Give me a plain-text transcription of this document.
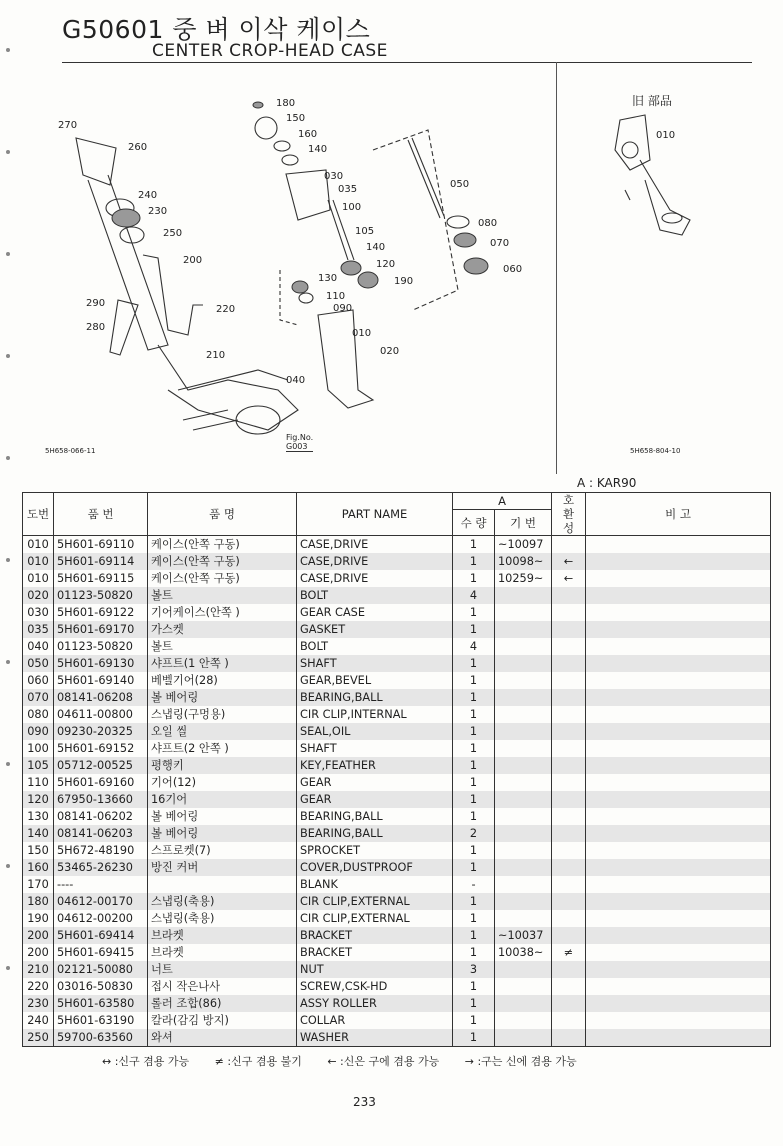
G50601 중 벼 이삭 케이스
CENTER CROP-HEAD CASE
270
260
240
230
250
200
290
280
220
210
180
150
160
140
030
035
100
105
140
120
190
130
110
090
010
020
040
050
080
070
060
Fig.No.
G003
5H658-066-11
旧 部品
010
5H658-804-10
A : KAR90
도번	품 번	품 명	PART NAME	A		호
환
성	비 고
				수 량	기 번		
010	5H601-69110	케이스(안쪽 구동)	CASE,DRIVE	1	~10097		
010	5H601-69114	케이스(안쪽 구동)	CASE,DRIVE	1	10098~	←	
010	5H601-69115	케이스(안쪽 구동)	CASE,DRIVE	1	10259~	←	
020	01123-50820	볼트	BOLT	4			
030	5H601-69122	기어케이스(안쪽 )	GEAR CASE	1			
035	5H601-69170	가스켓	GASKET	1			
040	01123-50820	볼트	BOLT	4			
050	5H601-69130	샤프트(1 안쪽 )	SHAFT	1			
060	5H601-69140	베벨기어(28)	GEAR,BEVEL	1			
070	08141-06208	볼 베어링	BEARING,BALL	1			
080	04611-00800	스냅링(구멍용)	CIR CLIP,INTERNAL	1			
090	09230-20325	오일 씰	SEAL,OIL	1			
100	5H601-69152	샤프트(2 안쪽 )	SHAFT	1			
105	05712-00525	평행키	KEY,FEATHER	1			
110	5H601-69160	기어(12)	GEAR	1			
120	67950-13660	16기어	GEAR	1			
130	08141-06202	볼 베어링	BEARING,BALL	1			
140	08141-06203	볼 베어링	BEARING,BALL	2			
150	5H672-48190	스프로켓(7)	SPROCKET	1			
160	53465-26230	방진 커버	COVER,DUSTPROOF	1			
170	----		BLANK	-			
180	04612-00170	스냅링(축용)	CIR CLIP,EXTERNAL	1			
190	04612-00200	스냅링(축용)	CIR CLIP,EXTERNAL	1			
200	5H601-69414	브라켓	BRACKET	1	~10037		
200	5H601-69415	브라켓	BRACKET	1	10038~	≠	
210	02121-50080	너트	NUT	3			
220	03016-50830	접시 작은나사	SCREW,CSK-HD	1			
230	5H601-63580	롤러 조합(86)	ASSY ROLLER	1			
240	5H601-63190	칼라(감김 방지)	COLLAR	1			
250	59700-63560	와셔	WASHER	1			
↔ :신구 겸용 가능 ≠ :신구 겸용 불기 ← :신은 구에 겸용 가능 → :구는 신에 겸용 가능
233
